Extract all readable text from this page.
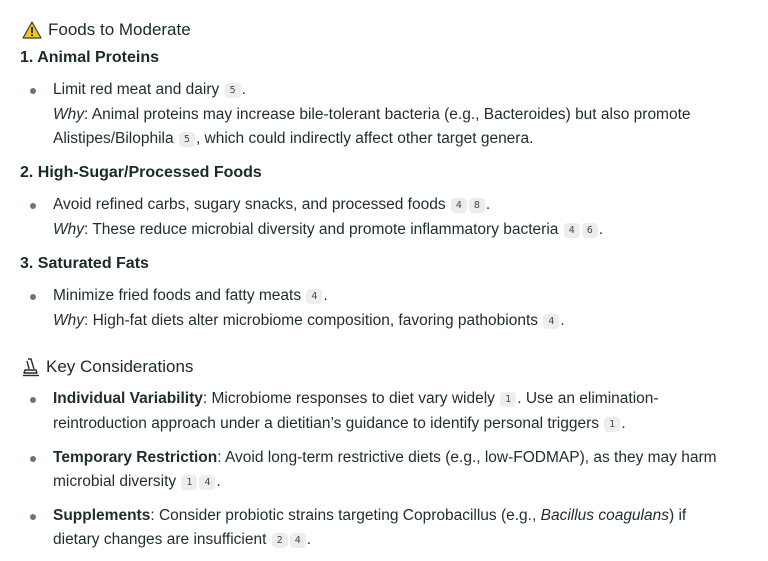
Foods to Moderate
1. Animal Proteins
Limit red meat and dairy 5 .
Why: Animal proteins may increase bile-tolerant bacteria (e.g., Bacteroides) but also promote
Alistipes/Bilophila 5 , which could indirectly affect other target genera.
2. High-Sugar/Processed Foods
Avoid refined carbs, sugary snacks, and processed foods 4 8 .
Why: These reduce microbial diversity and promote inflammatory bacteria 4 6 .
3. Saturated Fats
Minimize fried foods and fatty meats 4 .
Why: High-fat diets alter microbiome composition, favoring pathobionts 4 .
Key Considerations
Individual Variability: Microbiome responses to diet vary widely 1 . Use an elimination-
reintroduction approach under a dietitian’s guidance to identify personal triggers 1 .
Temporary Restriction: Avoid long-term restrictive diets (e.g., low-FODMAP), as they may harm
microbial diversity 1 4 .
Supplements: Consider probiotic strains targeting Coprobacillus (e.g., Bacillus coagulans) if
dietary changes are insufficient 2 4 .
